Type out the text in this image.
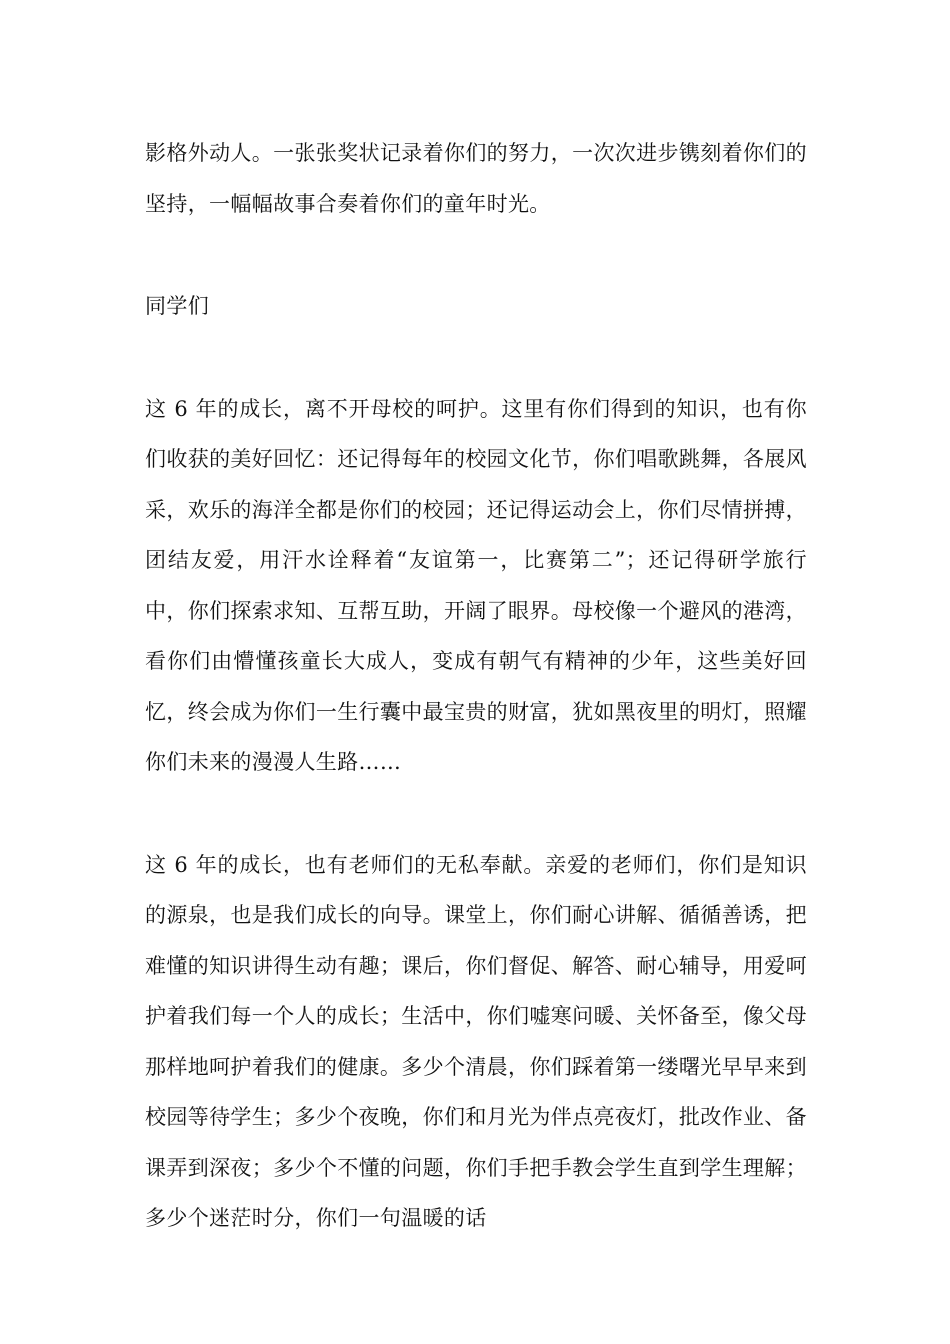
影格外动人。一张张奖状记录着你们的努力，一次次进步镌刻着你们的坚持，一幅幅故事合奏着你们的童年时光。

同学们

这 6 年的成长，离不开母校的呵护。这里有你们得到的知识，也有你们收获的美好回忆：还记得每年的校园文化节，你们唱歌跳舞，各展风采，欢乐的海洋全都是你们的校园；还记得运动会上，你们尽情拼搏，团结友爱，用汗水诠释着“友谊第一，比赛第二”；还记得研学旅行中，你们探索求知、互帮互助，开阔了眼界。母校像一个避风的港湾，看你们由懵懂孩童长大成人，变成有朝气有精神的少年，这些美好回忆，终会成为你们一生行囊中最宝贵的财富，犹如黑夜里的明灯，照耀你们未来的漫漫人生路……

这 6 年的成长，也有老师们的无私奉献。亲爱的老师们，你们是知识的源泉，也是我们成长的向导。课堂上，你们耐心讲解、循循善诱，把难懂的知识讲得生动有趣；课后，你们督促、解答、耐心辅导，用爱呵护着我们每一个人的成长；生活中，你们嘘寒问暖、关怀备至，像父母那样地呵护着我们的健康。多少个清晨，你们踩着第一缕曙光早早来到校园等待学生；多少个夜晚，你们和月光为伴点亮夜灯，批改作业、备课弄到深夜；多少个不懂的问题，你们手把手教会学生直到学生理解；多少个迷茫时分，你们一句温暖的话
